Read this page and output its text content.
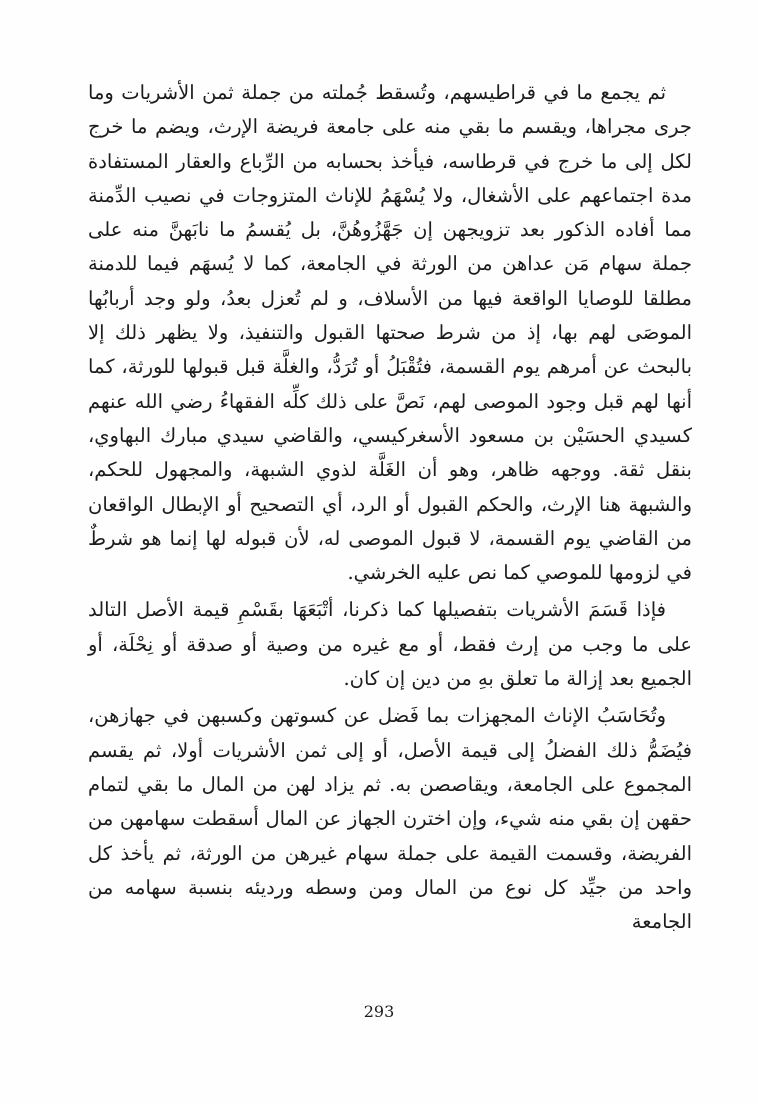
ثم يجمع ما في قراطيسهم، وتُسقط جُملته من جملة ثمن الأشريات وما جرى مجراها، ويقسم ما بقي منه على جامعة فريضة الإرث، ويضم ما خرج لكل إلى ما خرج في قرطاسه، فيأخذ بحسابه من الرِّباع والعقار المستفادة مدة اجتماعهم على الأشغال، ولا يُسْهَمُ للإناث المتزوجات في نصيب الدِّمنة مما أفاده الذكور بعد تزويجهن إن جَهَّزُوهُنَّ، بل يُقسمُ ما نابَهنَّ منه على جملة سهام مَن عداهن من الورثة في الجامعة، كما لا يُسهَم فيما للدمنة مطلقا للوصايا الواقعة فيها من الأسلاف، و لم تُعزل بعدُ، ولو وجد أربابُها الموصَى لهم بها، إذ من شرط صحتها القبول والتنفيذ، ولا يظهر ذلك إلا بالبحث عن أمرهم يوم القسمة، فتُقْبَلُ أو تُرَدُّ، والغلَّة قبل قبولها للورثة، كما أنها لهم قبل وجود الموصى لهم، نَصَّ على ذلك كلِّه الفقهاءُ رضي الله عنهم كسيدي الحسَيْن بن مسعود الأسغركيسي، والقاضي سيدي مبارك البهاوي، بنقل ثقة. ووجهه ظاهر، وهو أن الغَلَّة لذوي الشبهة، والمجهول للحكم، والشبهة هنا الإرث، والحكم القبول أو الرد، أي التصحيح أو الإبطال الواقعان من القاضي يوم القسمة، لا قبول الموصى له، لأن قبوله لها إنما هو شرطٌ في لزومها للموصي كما نص عليه الخرشي.

فإذا قَسَمَ الأشريات بتفصيلها كما ذكرنا، أتْبَعَهَا بقَسْمِ قيمة الأصل التالد على ما وجب من إرث فقط، أو مع غيره من وصية أو صدقة أو نِحْلَة، أو الجميع بعد إزالة ما تعلق بهِ من دين إن كان.

وتُحَاسَبُ الإناث المجهزات بما فَضل عن كسوتهن وكسبهن في جهازهن، فيُضَمُّ ذلك الفضلُ إلى قيمة الأصل، أو إلى ثمن الأشريات أولا، ثم يقسم المجموع على الجامعة، ويقاصصن به. ثم يزاد لهن من المال ما بقي لتمام حقهن إن بقي منه شيء، وإن اخترن الجهاز عن المال أسقطت سهامهن من الفريضة، وقسمت القيمة على جملة سهام غيرهن من الورثة، ثم يأخذ كل واحد من جيِّد كل نوع من المال ومن وسطه ورديئه بنسبة سهامه من الجامعة

293
